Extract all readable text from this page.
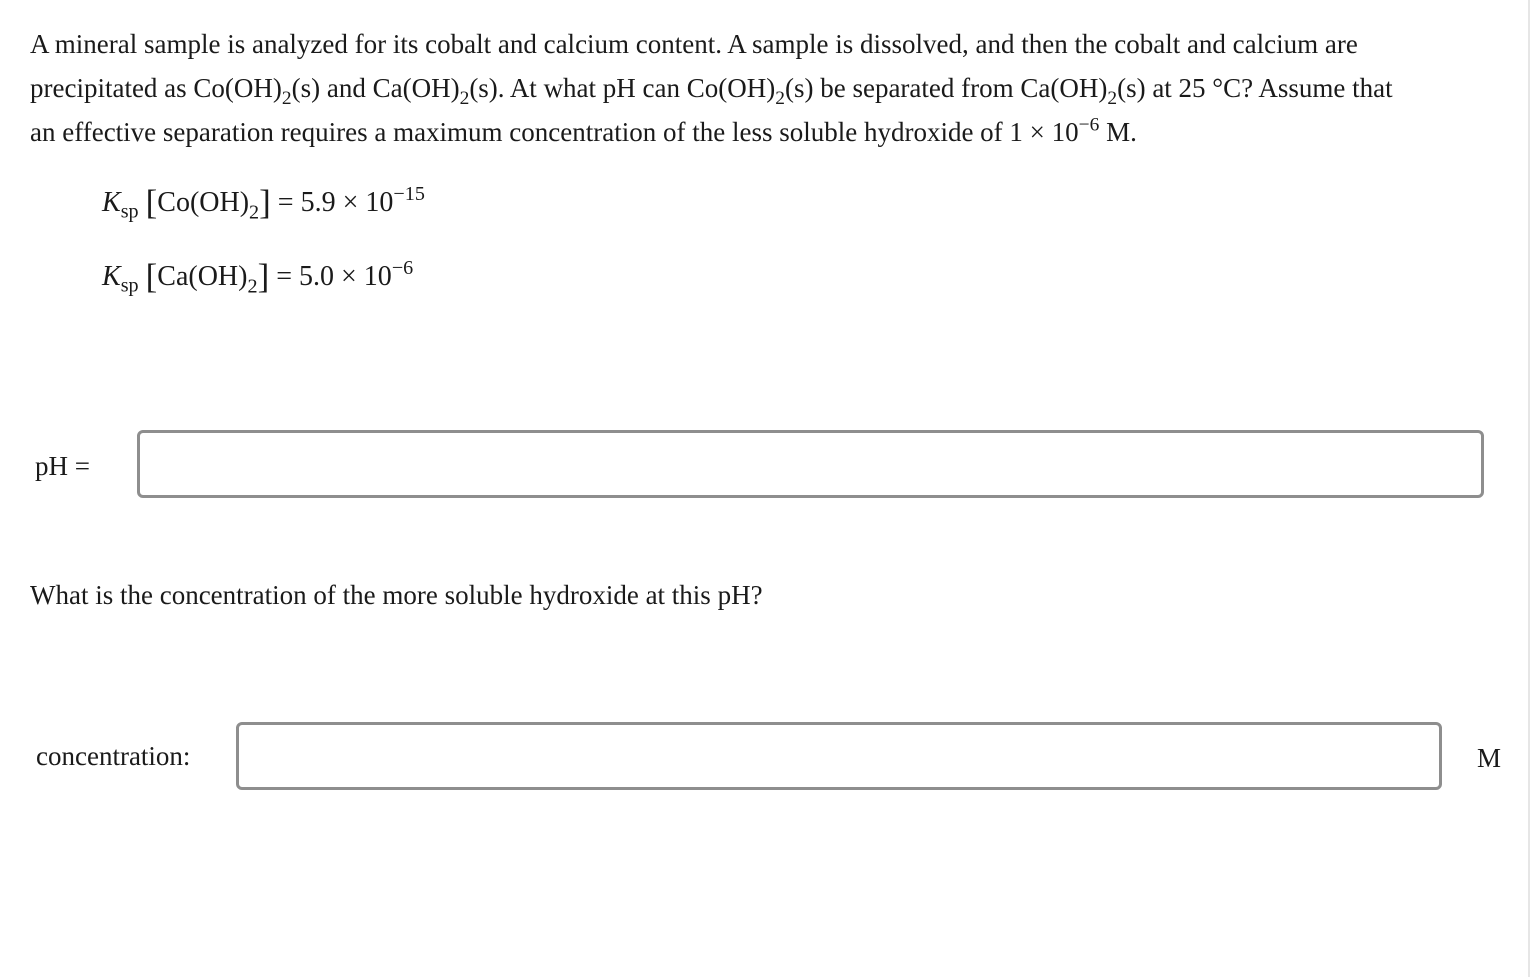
A mineral sample is analyzed for its cobalt and calcium content. A sample is dissolved, and then the cobalt and calcium are

precipitated as $Co(OH)_2(s)$ and $Ca(OH)_2(s)$. At what pH can $Co(OH)_2(s)$ be separated from $Ca(OH)_2(s)$ at 25 °C? Assume that

an effective separation requires a maximum concentration of the less soluble hydroxide of $1 \times 10^{-6}$ M.

$K_{sp}$ $[Co(OH)_2] = 5.9 \times 10^{-15}$
$K_{sp}$ $[Ca(OH)_2] = 5.0 \times 10^{-6}$
pH =
What is the concentration of the more soluble hydroxide at this pH?
concentration:	M
